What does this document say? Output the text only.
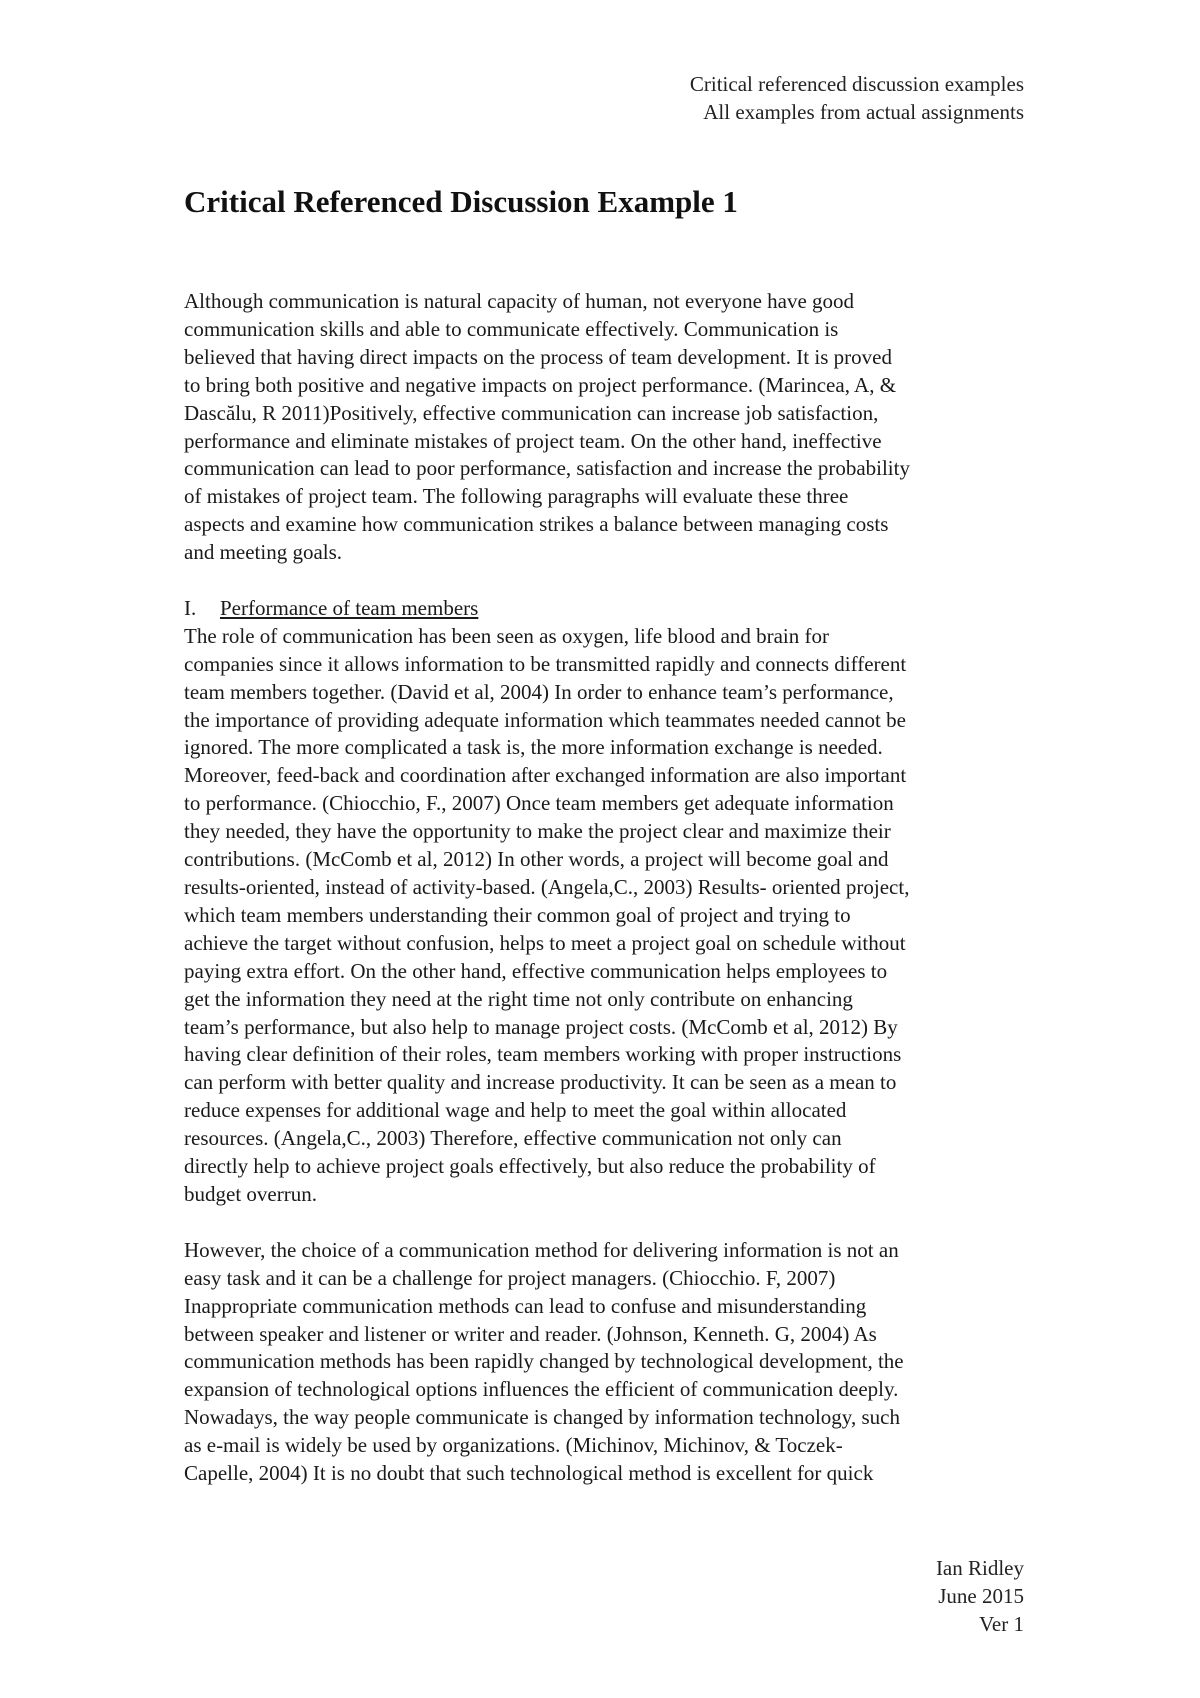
Critical referenced discussion examples
All examples from actual assignments
Critical Referenced Discussion Example 1

Although communication is natural capacity of human, not everyone have good
communication skills and able to communicate effectively. Communication is
believed that having direct impacts on the process of team development. It is proved
to bring both positive and negative impacts on project performance. (Marincea, A, &
Dascălu, R 2011)Positively, effective communication can increase job satisfaction,
performance and eliminate mistakes of project team. On the other hand, ineffective
communication can lead to poor performance, satisfaction and increase the probability
of mistakes of project team. The following paragraphs will evaluate these three
aspects and examine how communication strikes a balance between managing costs
and meeting goals.

I.	Performance of team members

The role of communication has been seen as oxygen, life blood and brain for
companies since it allows information to be transmitted rapidly and connects different
team members together. (David et al, 2004) In order to enhance team’s performance,
the importance of providing adequate information which teammates needed cannot be
ignored. The more complicated a task is, the more information exchange is needed.
Moreover, feed-back and coordination after exchanged information are also important
to performance. (Chiocchio, F., 2007) Once team members get adequate information
they needed, they have the opportunity to make the project clear and maximize their
contributions. (McComb et al, 2012) In other words, a project will become goal and
results-oriented, instead of activity-based. (Angela,C., 2003) Results- oriented project,
which team members understanding their common goal of project and trying to
achieve the target without confusion, helps to meet a project goal on schedule without
paying extra effort. On the other hand, effective communication helps employees to
get the information they need at the right time not only contribute on enhancing
team’s performance, but also help to manage project costs. (McComb et al, 2012) By
having clear definition of their roles, team members working with proper instructions
can perform with better quality and increase productivity. It can be seen as a mean to
reduce expenses for additional wage and help to meet the goal within allocated
resources. (Angela,C., 2003) Therefore, effective communication not only can
directly help to achieve project goals effectively, but also reduce the probability of
budget overrun.

However, the choice of a communication method for delivering information is not an
easy task and it can be a challenge for project managers. (Chiocchio. F, 2007)
Inappropriate communication methods can lead to confuse and misunderstanding
between speaker and listener or writer and reader. (Johnson, Kenneth. G, 2004) As
communication methods has been rapidly changed by technological development, the
expansion of technological options influences the efficient of communication deeply.
Nowadays, the way people communicate is changed by information technology, such
as e-mail is widely be used by organizations. (Michinov, Michinov, & Toczek-
Capelle, 2004) It is no doubt that such technological method is excellent for quick

Ian Ridley
June 2015
Ver 1
